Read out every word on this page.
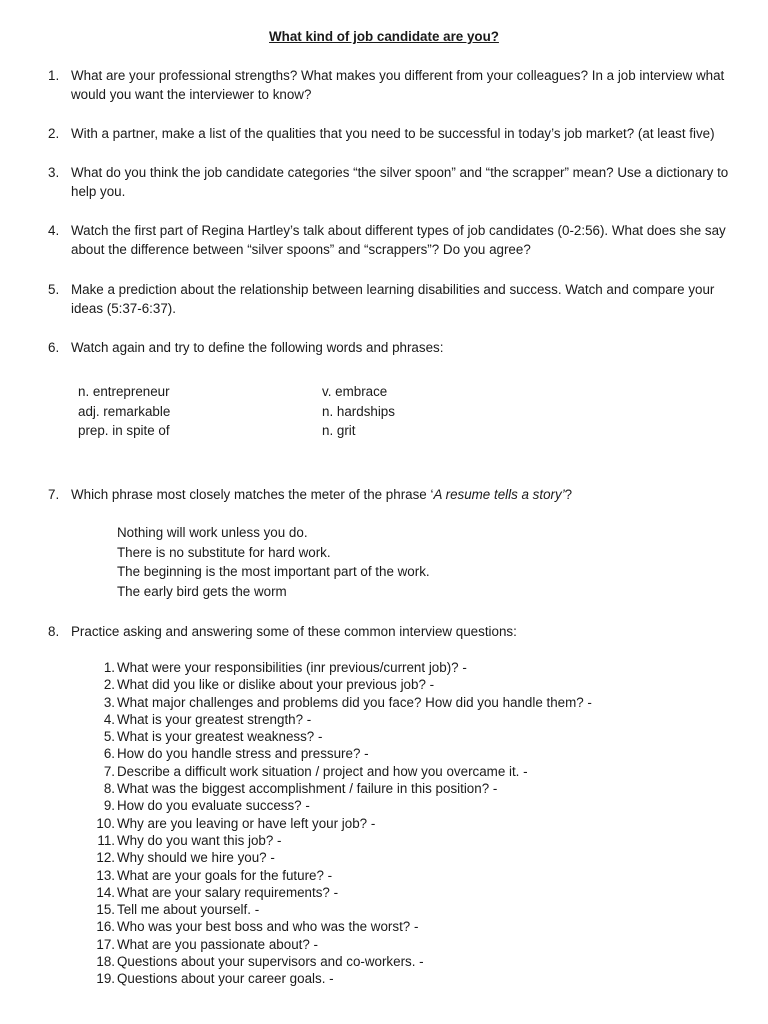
What kind of job candidate are you?
1. What are your professional strengths? What makes you different from your colleagues? In a job interview what would you want the interviewer to know?
2. With a partner, make a list of the qualities that you need to be successful in today’s job market? (at least five)
3. What do you think the job candidate categories “the silver spoon” and “the scrapper” mean? Use a dictionary to help you.
4. Watch the first part of Regina Hartley’s talk about different types of job candidates (0-2:56). What does she say about the difference between “silver spoons” and “scrappers”? Do you agree?
5. Make a prediction about the relationship between learning disabilities and success. Watch and compare your ideas (5:37-6:37).
6. Watch again and try to define the following words and phrases:
n. entrepreneur
adj. remarkable
prep. in spite of
v. embrace
n. hardships
n. grit
7. Which phrase most closely matches the meter of the phrase ‘A resume tells a story’?
Nothing will work unless you do.
There is no substitute for hard work.
The beginning is the most important part of the work.
The early bird gets the worm
8. Practice asking and answering some of these common interview questions:
1. What were your responsibilities (inr previous/current job)? -
2. What did you like or dislike about your previous job? -
3. What major challenges and problems did you face? How did you handle them? -
4. What is your greatest strength? -
5. What is your greatest weakness? -
6. How do you handle stress and pressure? -
7. Describe a difficult work situation / project and how you overcame it. -
8. What was the biggest accomplishment / failure in this position? -
9. How do you evaluate success? -
10. Why are you leaving or have left your job? -
11. Why do you want this job? -
12. Why should we hire you? -
13. What are your goals for the future? -
14. What are your salary requirements? -
15. Tell me about yourself. -
16. Who was your best boss and who was the worst? -
17. What are you passionate about? -
18. Questions about your supervisors and co-workers. -
19. Questions about your career goals. -
